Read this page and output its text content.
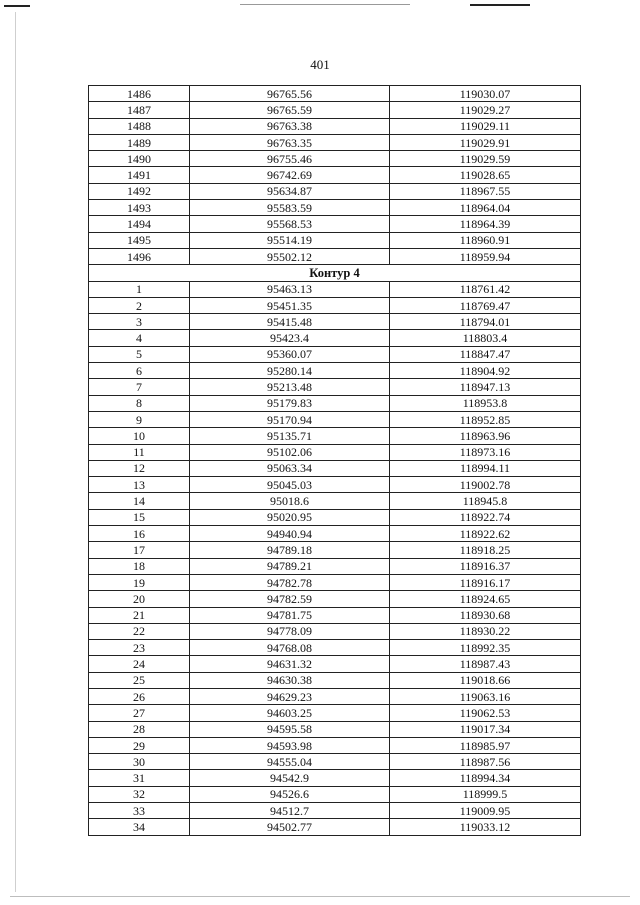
401
1486	96765.56	119030.07
1487	96765.59	119029.27
1488	96763.38	119029.11
1489	96763.35	119029.91
1490	96755.46	119029.59
1491	96742.69	119028.65
1492	95634.87	118967.55
1493	95583.59	118964.04
1494	95568.53	118964.39
1495	95514.19	118960.91
1496	95502.12	118959.94
Контур 4		
1	95463.13	118761.42
2	95451.35	118769.47
3	95415.48	118794.01
4	95423.4	118803.4
5	95360.07	118847.47
6	95280.14	118904.92
7	95213.48	118947.13
8	95179.83	118953.8
9	95170.94	118952.85
10	95135.71	118963.96
11	95102.06	118973.16
12	95063.34	118994.11
13	95045.03	119002.78
14	95018.6	118945.8
15	95020.95	118922.74
16	94940.94	118922.62
17	94789.18	118918.25
18	94789.21	118916.37
19	94782.78	118916.17
20	94782.59	118924.65
21	94781.75	118930.68
22	94778.09	118930.22
23	94768.08	118992.35
24	94631.32	118987.43
25	94630.38	119018.66
26	94629.23	119063.16
27	94603.25	119062.53
28	94595.58	119017.34
29	94593.98	118985.97
30	94555.04	118987.56
31	94542.9	118994.34
32	94526.6	118999.5
33	94512.7	119009.95
34	94502.77	119033.12
